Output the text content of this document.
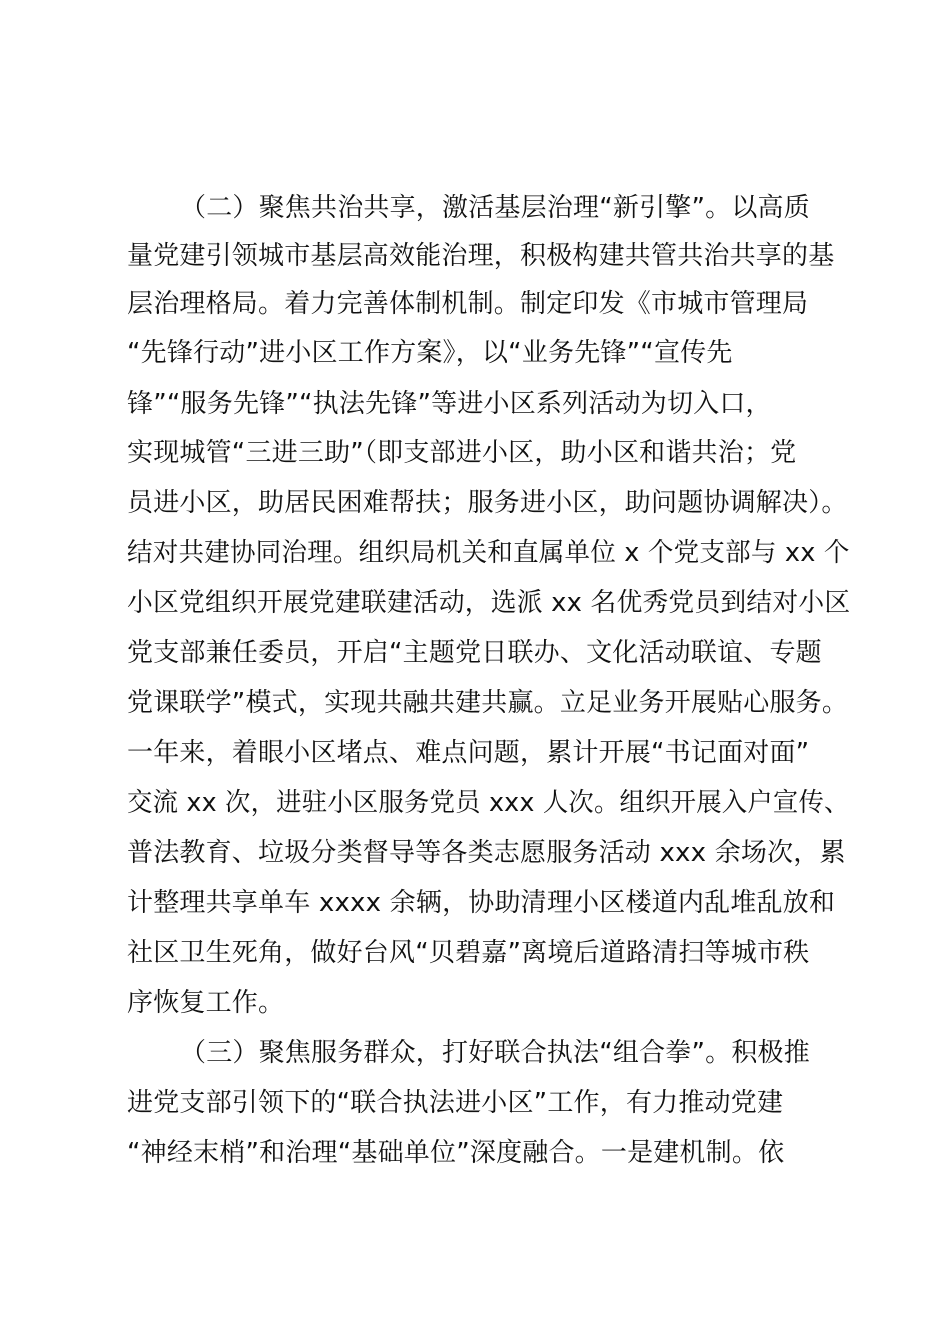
（二）聚焦共治共享，激活基层治理“新引擎”。以高质
量党建引领城市基层高效能治理，积极构建共管共治共享的基
层治理格局。着力完善体制机制。制定印发《市城市管理局
“先锋行动”进小区工作方案》，以“业务先锋”“宣传先
锋”“服务先锋”“执法先锋”等进小区系列活动为切入口，
实现城管“三进三助”（即支部进小区，助小区和谐共治；党
员进小区，助居民困难帮扶；服务进小区，助问题协调解决）。
结对共建协同治理。组织局机关和直属单位 x 个党支部与 xx 个
小区党组织开展党建联建活动，选派 xx 名优秀党员到结对小区
党支部兼任委员，开启“主题党日联办、文化活动联谊、专题
党课联学”模式，实现共融共建共赢。立足业务开展贴心服务。
一年来，着眼小区堵点、难点问题，累计开展“书记面对面”
交流 xx 次，进驻小区服务党员 xxx 人次。组织开展入户宣传、
普法教育、垃圾分类督导等各类志愿服务活动 xxx 余场次，累
计整理共享单车 xxxx 余辆，协助清理小区楼道内乱堆乱放和
社区卫生死角，做好台风“贝碧嘉”离境后道路清扫等城市秩
序恢复工作。
（三）聚焦服务群众，打好联合执法“组合拳”。积极推
进党支部引领下的“联合执法进小区”工作，有力推动党建
“神经末梢”和治理“基础单位”深度融合。一是建机制。依
